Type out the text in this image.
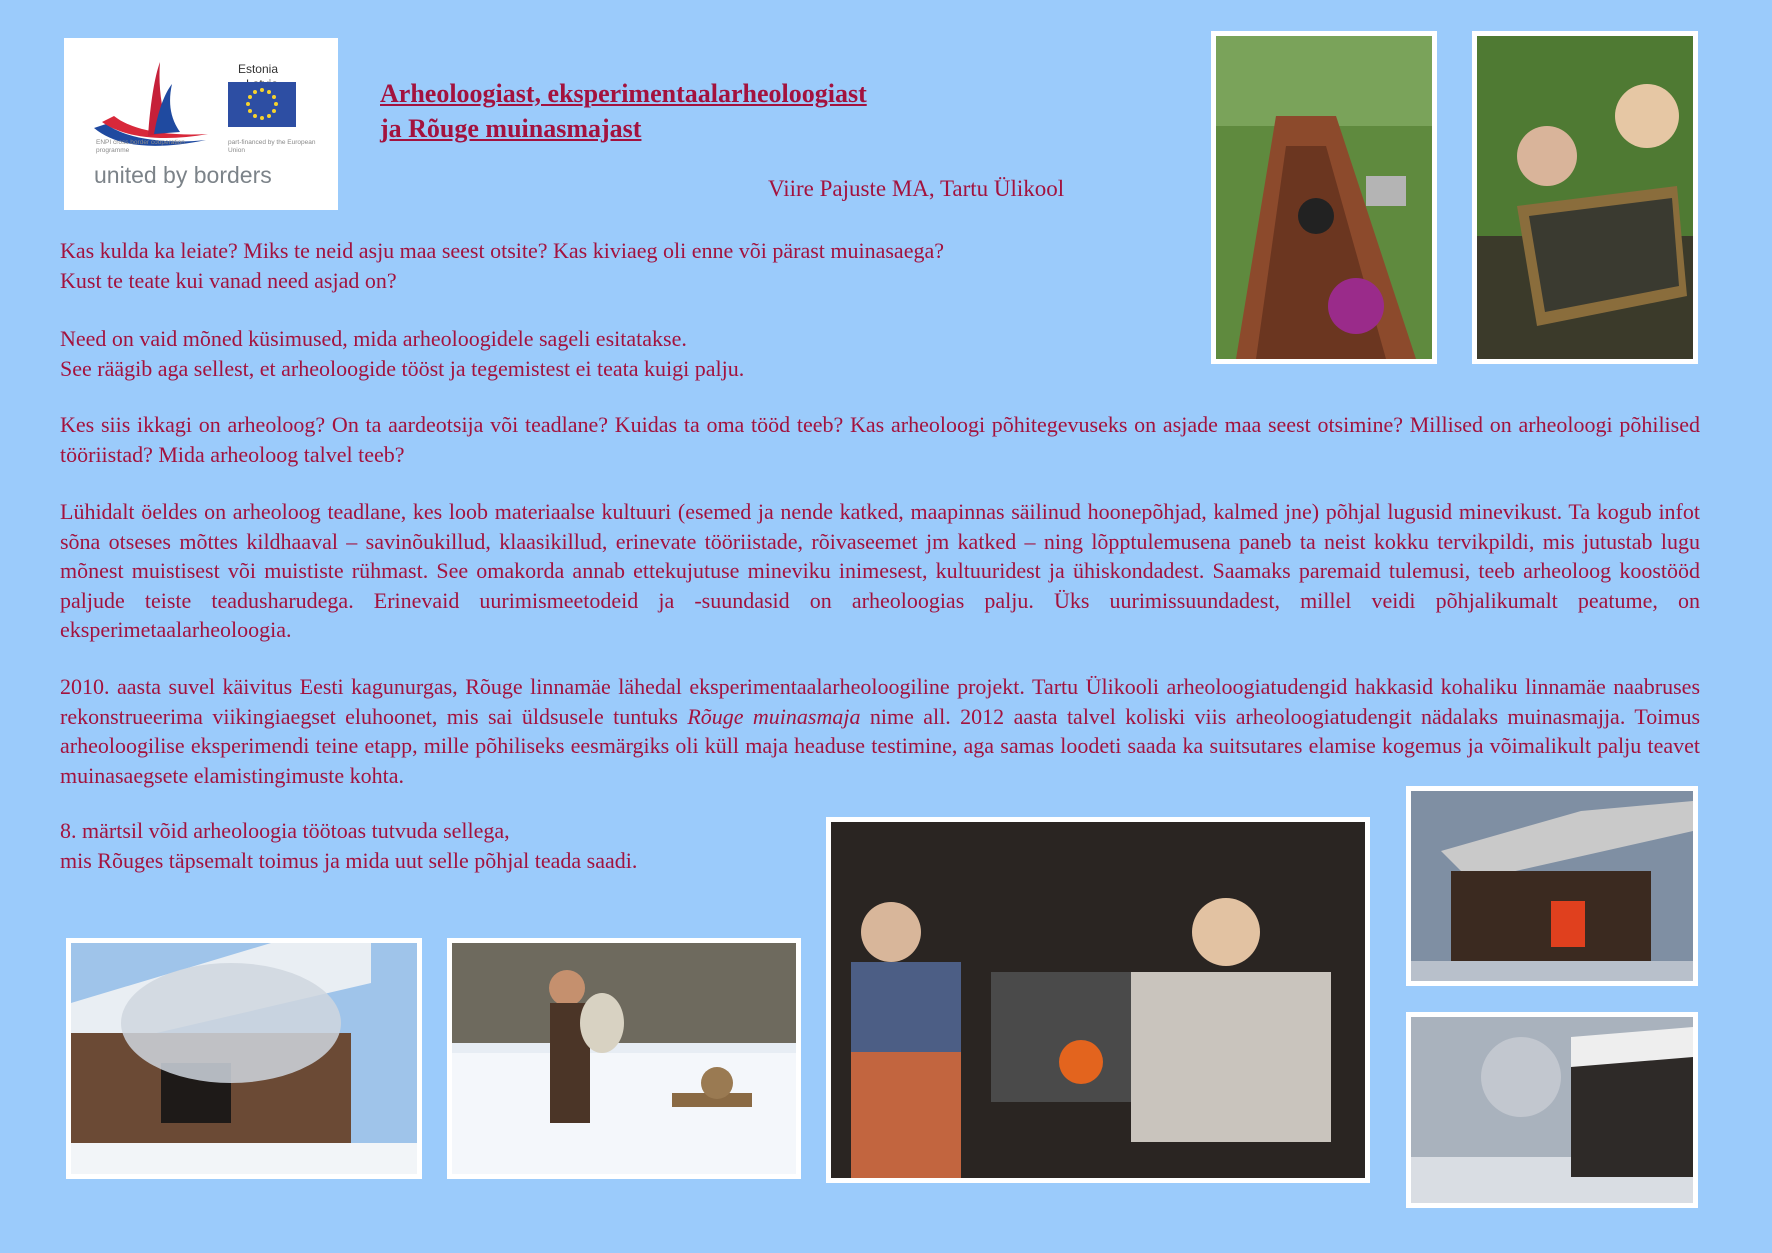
Estonia
ENPI cross border cooperation programme
part-financed by the European Union
united by borders
Arheoloogiast, eksperimentaalarheoloogiast
ja Rõuge muinasmajast
Viire Pajuste MA, Tartu Ülikool

Kas kulda ka leiate? Miks te neid asju maa seest otsite? Kas kiviaeg oli enne või pärast muinasaega?
Kust te teate kui vanad need asjad on?

Need on vaid mõned küsimused, mida arheoloogidele sageli esitatakse.
See räägib aga sellest, et arheoloogide tööst ja tegemistest ei teata kuigi palju.

Kes siis ikkagi on arheoloog? On ta aardeotsija või teadlane? Kuidas ta oma tööd teeb? Kas arheoloogi põhitegevuseks on asjade maa seest otsimine? Millised on arheoloogi põhilised tööriistad? Mida arheoloog talvel teeb?

Lühidalt öeldes on arheoloog teadlane, kes loob materiaalse kultuuri (esemed ja nende katked, maapinnas säilinud hoonepõhjad, kalmed jne) põhjal lugusid minevikust. Ta kogub infot sõna otseses mõttes kildhaaval – savinõukillud, klaasikillud, erinevate tööriistade, rõivaseemet jm katked – ning lõpptulemusena paneb ta neist kokku tervikpildi, mis jutustab lugu mõnest muistisest või muististe rühmast. See omakorda annab ettekujutuse mineviku inimesest, kultuuridest ja ühiskondadest. Saamaks paremaid tulemusi, teeb arheoloog koostööd paljude teiste teadusharudega. Erinevaid uurimismeetodeid ja -suundasid on arheoloogias palju. Üks uurimissuundadest, millel veidi põhjalikumalt peatume, on eksperimetaalarheoloogia.

2010. aasta suvel käivitus Eesti kagunurgas, Rõuge linnamäe lähedal eksperimentaalarheoloogiline projekt. Tartu Ülikooli arheoloogiatudengid hakkasid kohaliku linnamäe naabruses rekonstrueerima viikingiaegset eluhoonet, mis sai üldsusele tuntuks Rõuge muinasmaja nime all. 2012 aasta talvel koliski viis arheoloogiatudengit nädalaks muinasmajja. Toimus arheoloogilise eksperimendi teine etapp, mille põhiliseks eesmärgiks oli küll maja headuse testimine, aga samas loodeti saada ka suitsutares elamise kogemus ja võimalikult palju teavet muinasaegsete elamistingimuste kohta.

8. märtsil võid arheoloogia töötoas tutvuda sellega,
mis Rõuges täpsemalt toimus ja mida uut selle põhjal teada saadi.
